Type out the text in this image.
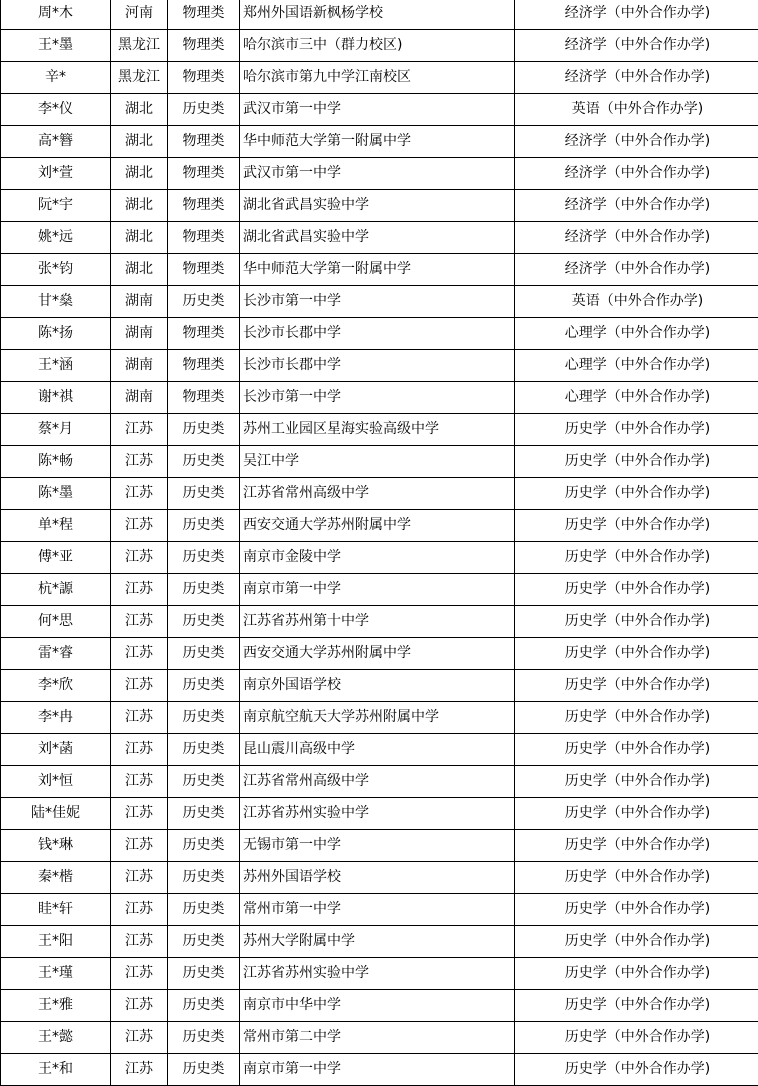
周*木	河南	物理类	郑州外国语新枫杨学校	经济学（中外合作办学)
王*墨	黑龙江	物理类	哈尔滨市三中（群力校区)	经济学（中外合作办学)
辛*	黑龙江	物理类	哈尔滨市第九中学江南校区	经济学（中外合作办学)
李*仪	湖北	历史类	武汉市第一中学	英语（中外合作办学)
高*簪	湖北	物理类	华中师范大学第一附属中学	经济学（中外合作办学)
刘*萱	湖北	物理类	武汉市第一中学	经济学（中外合作办学)
阮*宇	湖北	物理类	湖北省武昌实验中学	经济学（中外合作办学)
姚*远	湖北	物理类	湖北省武昌实验中学	经济学（中外合作办学)
张*钧	湖北	物理类	华中师范大学第一附属中学	经济学（中外合作办学)
甘*燊	湖南	历史类	长沙市第一中学	英语（中外合作办学)
陈*扬	湖南	物理类	长沙市长郡中学	心理学（中外合作办学)
王*涵	湖南	物理类	长沙市长郡中学	心理学（中外合作办学)
谢*祺	湖南	物理类	长沙市第一中学	心理学（中外合作办学)
蔡*月	江苏	历史类	苏州工业园区星海实验高级中学	历史学（中外合作办学)
陈*畅	江苏	历史类	吴江中学	历史学（中外合作办学)
陈*墨	江苏	历史类	江苏省常州高级中学	历史学（中外合作办学)
单*程	江苏	历史类	西安交通大学苏州附属中学	历史学（中外合作办学)
傅*亚	江苏	历史类	南京市金陵中学	历史学（中外合作办学)
杭*謜	江苏	历史类	南京市第一中学	历史学（中外合作办学)
何*思	江苏	历史类	江苏省苏州第十中学	历史学（中外合作办学)
雷*睿	江苏	历史类	西安交通大学苏州附属中学	历史学（中外合作办学)
李*欣	江苏	历史类	南京外国语学校	历史学（中外合作办学)
李*冉	江苏	历史类	南京航空航天大学苏州附属中学	历史学（中外合作办学)
刘*菡	江苏	历史类	昆山震川高级中学	历史学（中外合作办学)
刘*恒	江苏	历史类	江苏省常州高级中学	历史学（中外合作办学)
陆*佳妮	江苏	历史类	江苏省苏州实验中学	历史学（中外合作办学)
钱*琳	江苏	历史类	无锡市第一中学	历史学（中外合作办学)
秦*楷	江苏	历史类	苏州外国语学校	历史学（中外合作办学)
眭*轩	江苏	历史类	常州市第一中学	历史学（中外合作办学)
王*阳	江苏	历史类	苏州大学附属中学	历史学（中外合作办学)
王*瑾	江苏	历史类	江苏省苏州实验中学	历史学（中外合作办学)
王*雅	江苏	历史类	南京市中华中学	历史学（中外合作办学)
王*懿	江苏	历史类	常州市第二中学	历史学（中外合作办学)
王*和	江苏	历史类	南京市第一中学	历史学（中外合作办学)
